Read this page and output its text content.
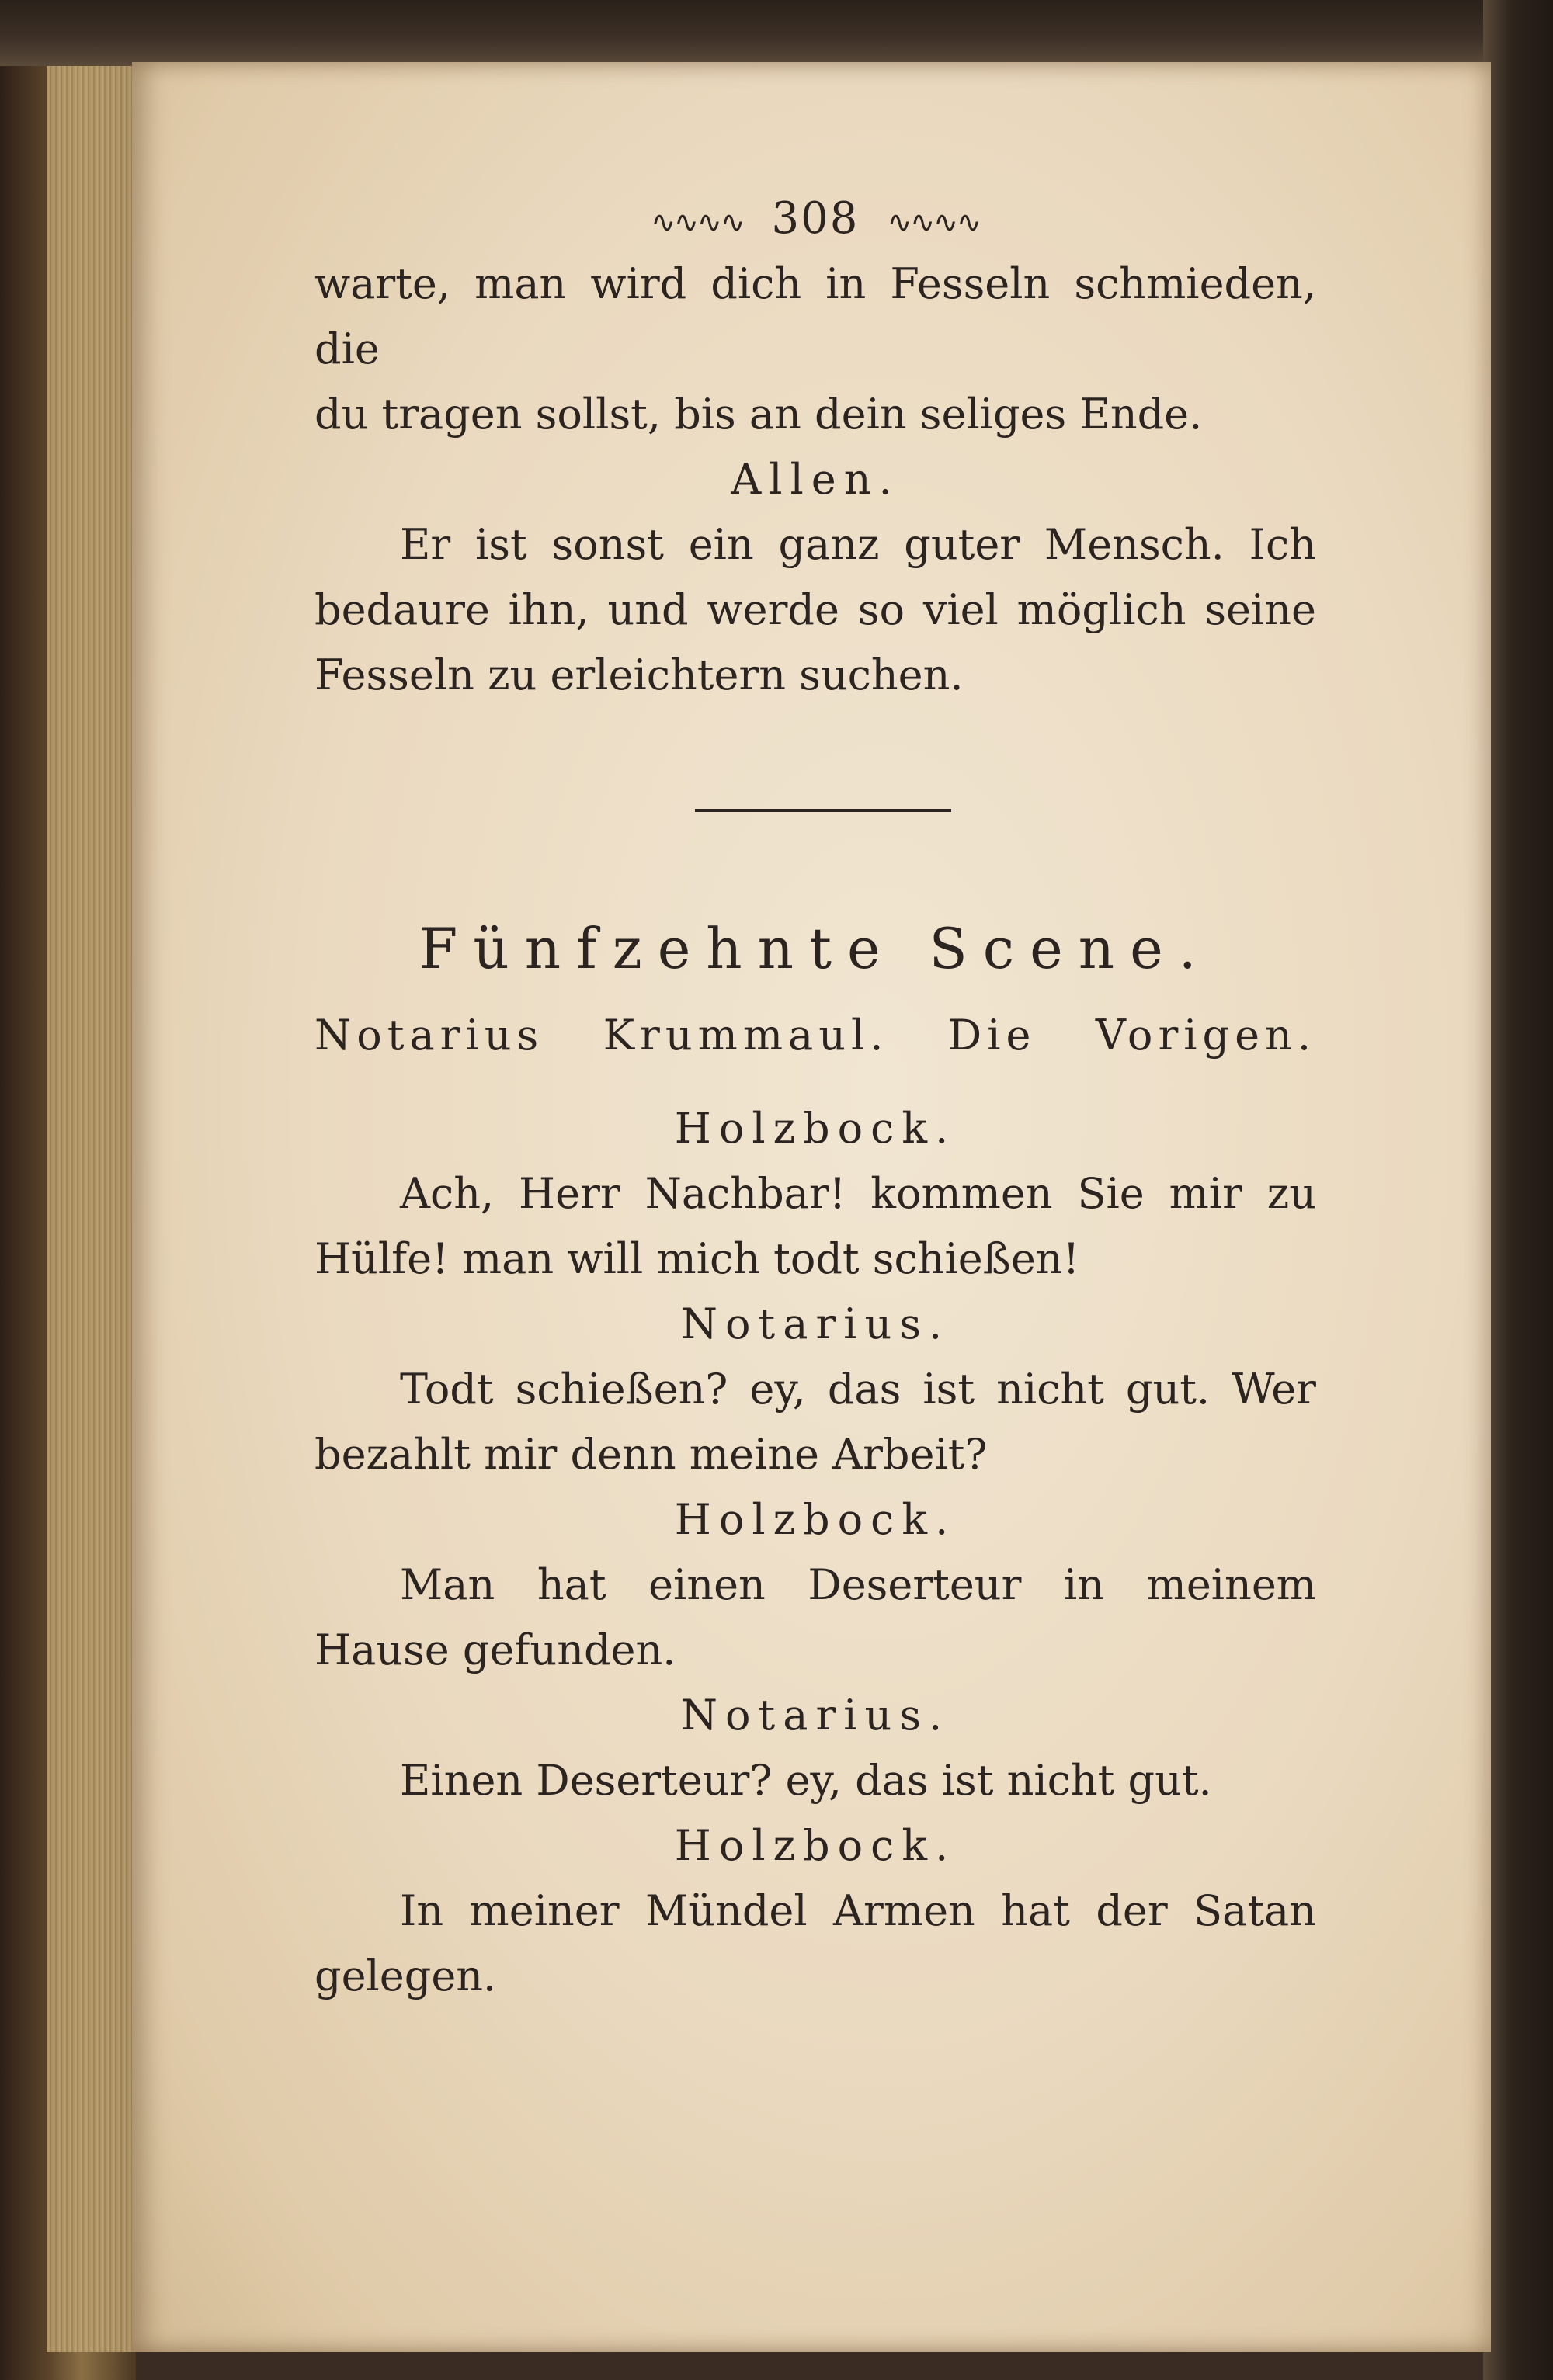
∿∿∿∿ 308 ∿∿∿∿
warte, man wird dich in Fesseln schmieden, die
du tragen sollst, bis an dein seliges Ende.
Allen.
Er ist sonst ein ganz guter Mensch. Ich bedaure ihn, und werde so viel möglich seine Fesseln zu erleichtern suchen.
Fünfzehnte Scene.
Notarius Krummaul. Die Vorigen.
Holzbock.
Ach, Herr Nachbar! kommen Sie mir zu Hülfe! man will mich todt schießen!
Notarius.
Todt schießen? ey, das ist nicht gut. Wer bezahlt mir denn meine Arbeit?
Holzbock.
Man hat einen Deserteur in meinem Hause gefunden.
Notarius.
Einen Deserteur? ey, das ist nicht gut.
Holzbock.
In meiner Mündel Armen hat der Satan gelegen.
